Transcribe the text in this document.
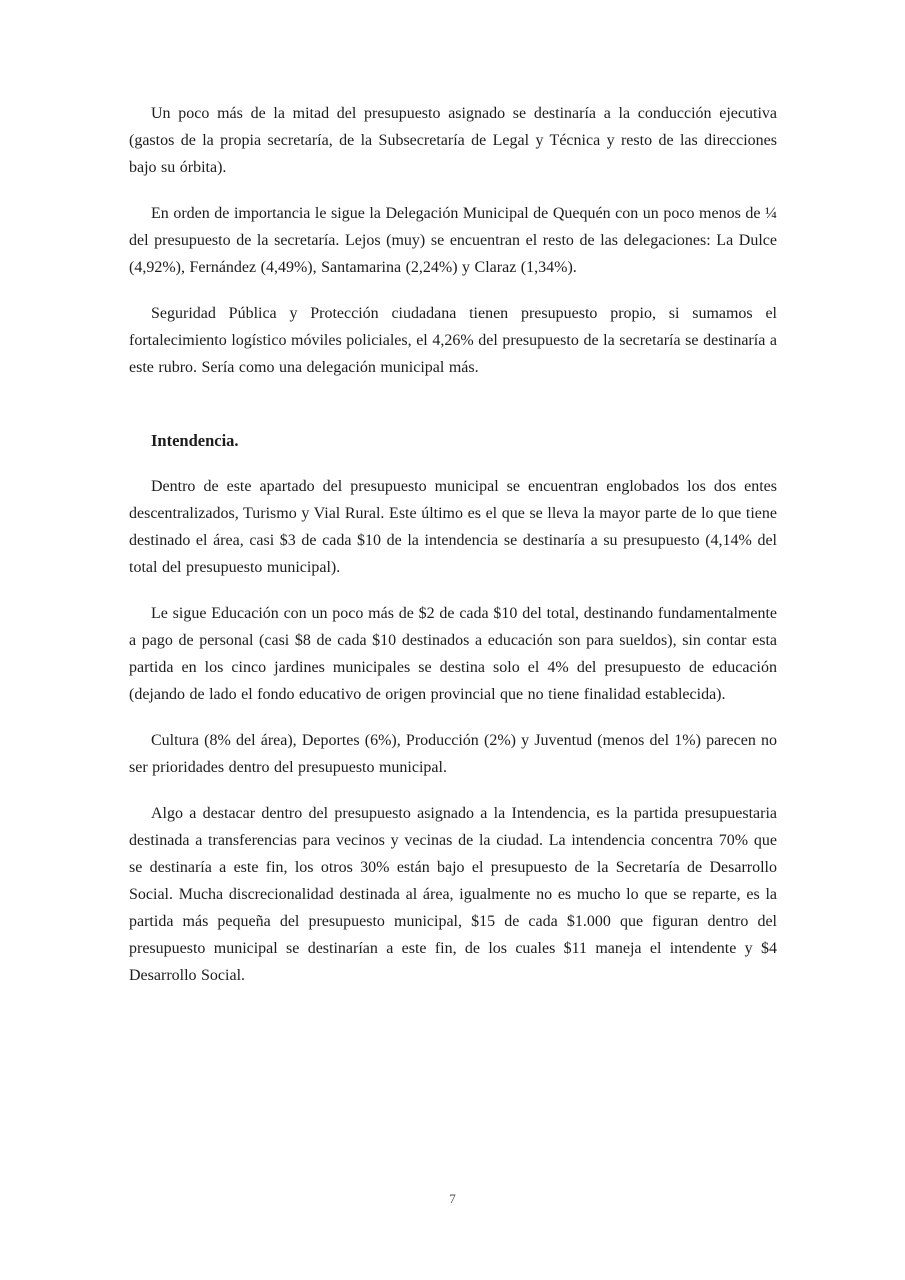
Un poco más de la mitad del presupuesto asignado se destinaría a la conducción ejecutiva (gastos de la propia secretaría, de la Subsecretaría de Legal y Técnica y resto de las direcciones bajo su órbita).

En orden de importancia le sigue la Delegación Municipal de Quequén con un poco menos de ¼ del presupuesto de la secretaría. Lejos (muy) se encuentran el resto de las delegaciones: La Dulce (4,92%), Fernández (4,49%), Santamarina (2,24%) y Claraz (1,34%).

Seguridad Pública y Protección ciudadana tienen presupuesto propio, si sumamos el fortalecimiento logístico móviles policiales, el 4,26% del presupuesto de la secretaría se destinaría a este rubro. Sería como una delegación municipal más.

Intendencia.

Dentro de este apartado del presupuesto municipal se encuentran englobados los dos entes descentralizados, Turismo y Vial Rural. Este último es el que se lleva la mayor parte de lo que tiene destinado el área, casi $3 de cada $10 de la intendencia se destinaría a su presupuesto (4,14% del total del presupuesto municipal).

Le sigue Educación con un poco más de $2 de cada $10 del total, destinando fundamentalmente a pago de personal (casi $8 de cada $10 destinados a educación son para sueldos), sin contar esta partida en los cinco jardines municipales se destina solo el 4% del presupuesto de educación (dejando de lado el fondo educativo de origen provincial que no tiene finalidad establecida).

Cultura (8% del área), Deportes (6%), Producción (2%) y Juventud (menos del 1%) parecen no ser prioridades dentro del presupuesto municipal.

Algo a destacar dentro del presupuesto asignado a la Intendencia, es la partida presupuestaria destinada a transferencias para vecinos y vecinas de la ciudad. La intendencia concentra 70% que se destinaría a este fin, los otros 30% están bajo el presupuesto de la Secretaría de Desarrollo Social. Mucha discrecionalidad destinada al área, igualmente no es mucho lo que se reparte, es la partida más pequeña del presupuesto municipal, $15 de cada $1.000 que figuran dentro del presupuesto municipal se destinarían a este fin, de los cuales $11 maneja el intendente y $4 Desarrollo Social.

7
